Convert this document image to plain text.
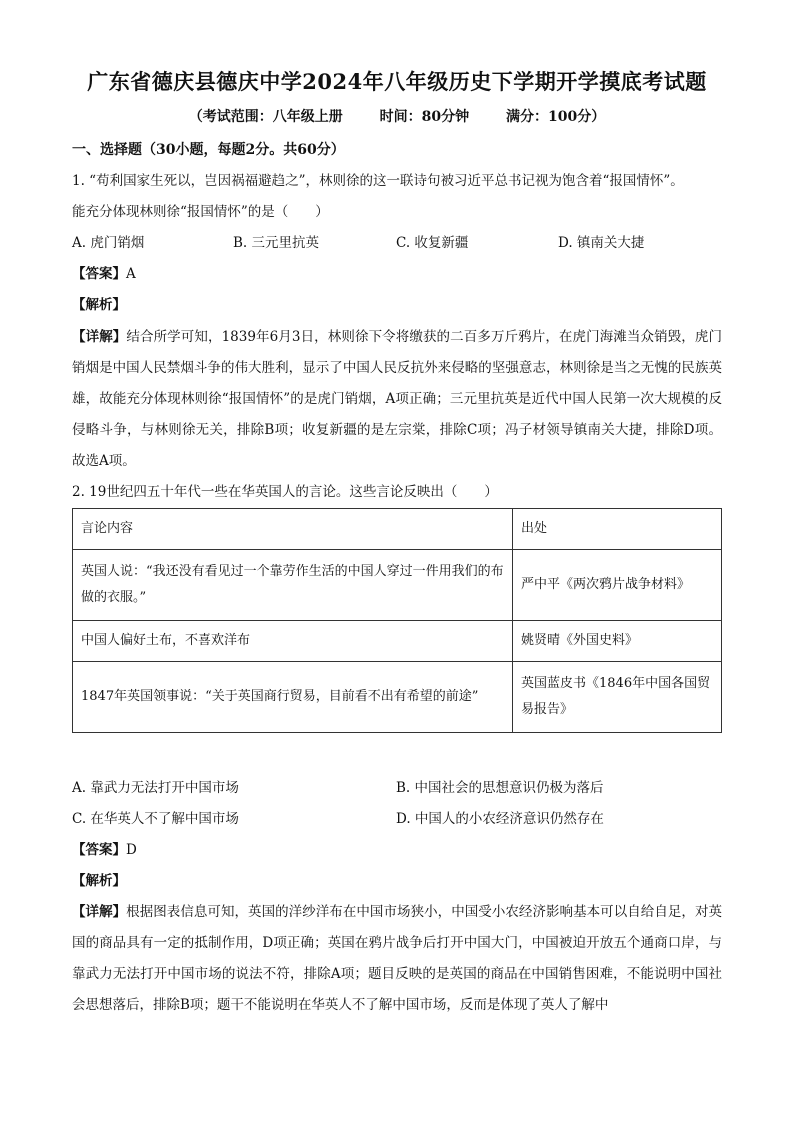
广东省德庆县德庆中学2024年八年级历史下学期开学摸底考试题
（考试范围：八年级上册	时间：80分钟	满分：100分）
一、选择题（30小题，每题2分。共60分）
1. “苟利国家生死以，岂因祸福避趋之”，林则徐的这一联诗句被习近平总书记视为饱含着“报国情怀”。
能充分体现林则徐“报国情怀”的是（　　）
A. 虎门销烟	B. 三元里抗英	C. 收复新疆	D. 镇南关大捷
【答案】A
【解析】
【详解】结合所学可知，1839年6月3日，林则徐下令将缴获的二百多万斤鸦片，在虎门海滩当众销毁，虎门销烟是中国人民禁烟斗争的伟大胜利，显示了中国人民反抗外来侵略的坚强意志，林则徐是当之无愧的民族英雄，故能充分体现林则徐“报国情怀”的是虎门销烟，A项正确；三元里抗英是近代中国人民第一次大规模的反侵略斗争，与林则徐无关，排除B项；收复新疆的是左宗棠，排除C项；冯子材领导镇南关大捷，排除D项。故选A项。
2. 19世纪四五十年代一些在华英国人的言论。这些言论反映出（　　）
言论内容	出处
英国人说：“我还没有看见过一个靠劳作生活的中国人穿过一件用我们的布做的衣服。”	严中平《两次鸦片战争材料》
中国人偏好土布，不喜欢洋布	姚贤晴《外国史料》
1847年英国领事说：“关于英国商行贸易，目前看不出有希望的前途”	英国蓝皮书《1846年中国各国贸易报告》
A. 靠武力无法打开中国市场	B. 中国社会的思想意识仍极为落后
C. 在华英人不了解中国市场	D. 中国人的小农经济意识仍然存在
【答案】D
【解析】
【详解】根据图表信息可知，英国的洋纱洋布在中国市场狭小，中国受小农经济影响基本可以自给自足，对英国的商品具有一定的抵制作用，D项正确；英国在鸦片战争后打开中国大门，中国被迫开放五个通商口岸，与靠武力无法打开中国市场的说法不符，排除A项；题目反映的是英国的商品在中国销售困难，不能说明中国社会思想落后，排除B项；题干不能说明在华英人不了解中国市场，反而是体现了英人了解中
